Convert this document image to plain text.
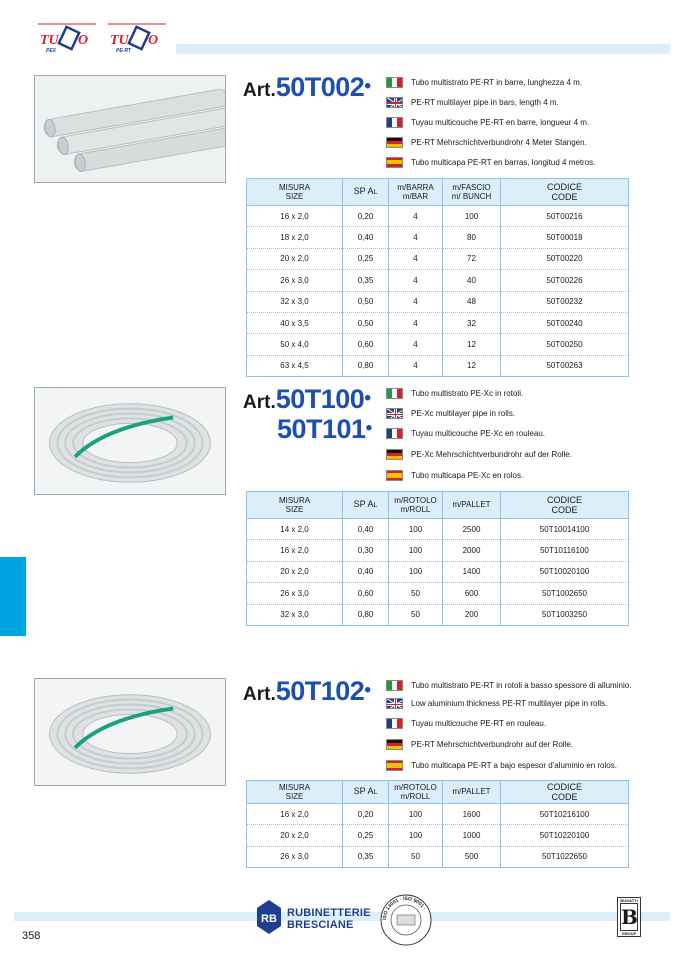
TU O
PEX
TU O
PE-RT
Art.50T002•	Tubo multistrato PE-RT in barre, lunghezza 4 m.
PE-RT multilayer pipe in bars, length 4 m.
Tuyau multicouche PE-RT en barre, longueur 4 m.
PE-RT Mehrschichtverbundrohr 4 Meter Stangen.
Tubo multicapa PE-RT en barras, longitud 4 metros.
MISURA
SIZE	SP AL	m/BARRA
m/BAR	m/FASCIO
m/ BUNCH	CODICE
CODE
16 x 2,0	0,20	4	100	50T00216
18 x 2,0	0,40	4	80	50T00018
20 x 2,0	0,25	4	72	50T00220
26 x 3,0	0,35	4	40	50T00226
32 x 3,0	0,50	4	48	50T00232
40 x 3,5	0,50	4	32	50T00240
50 x 4,0	0,60	4	12	50T00250
63 x 4,5	0,80	4	12	50T00263
Art.50T100•
50T101•
Tubo multistrato PE-Xc in rotoli.
PE-Xc multilayer pipe in rolls.
Tuyau multicouche PE-Xc en rouleau.
PE-Xc Mehrschichtverbundrohr auf der Rolle.
Tubo multicapa PE-Xc en rolos.
MISURA
SIZE	SP AL	m/ROTOLO
m/ROLL	m/PALLET	CODICE
CODE
14 x 2,0	0,40	100	2500	50T10014100
16 x 2,0	0,30	100	2000	50T10116100
20 x 2,0	0,40	100	1400	50T10020100
26 x 3,0	0,60	50	600	50T1002650
32 x 3,0	0,80	50	200	50T1003250
Art.50T102•	Tubo multistrato PE-RT in rotoli a basso spessore di alluminio.
Low aluminium thickness PE-RT multilayer pipe in rolls.
Tuyau multicouche PE-RT en rouleau.
PE-RT Mehrschichtverbundrohr auf der Rolle.
Tubo multicapa PE-RT a bajo espesor d'aluminio en rolos.
MISURA
SIZE	SP AL	m/ROTOLO
m/ROLL	m/PALLET	CODICE
CODE
16 x 2,0	0,20	100	1600	50T10216100
20 x 2,0	0,25	100	1000	50T10220100
26 x 3,0	0,35	50	500	50T1022650
358
RB RUBINETTERIE
BRESCIANE	ISO 14001 · ISO 9001 ·
BUGATTI
B
GROUP
